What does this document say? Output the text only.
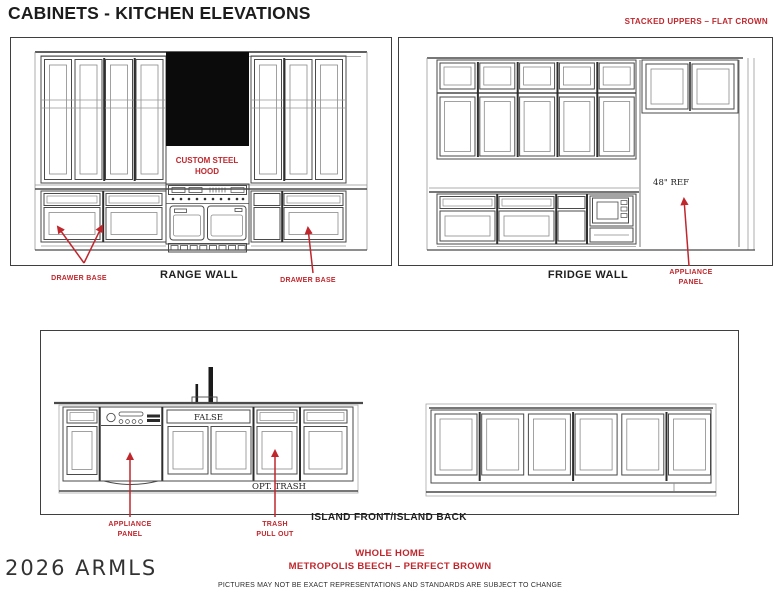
CABINETS - KITCHEN ELEVATIONS	STACKED UPPERS – FLAT CROWN
CUSTOM STEEL
HOOD
48" REF
FALSE
OPT. TRASH
RANGE WALL	FRIDGE WALL
ISLAND FRONT/ISLAND BACK
DRAWER BASE	DRAWER BASE
APPLIANCE
PANEL
APPLIANCE
PANEL
TRASH
PULL OUT
WHOLE HOME
METROPOLIS BEECH – PERFECT BROWN
PICTURES MAY NOT BE EXACT REPRESENTATIONS AND STANDARDS ARE SUBJECT TO CHANGE
2026 ARMLS
